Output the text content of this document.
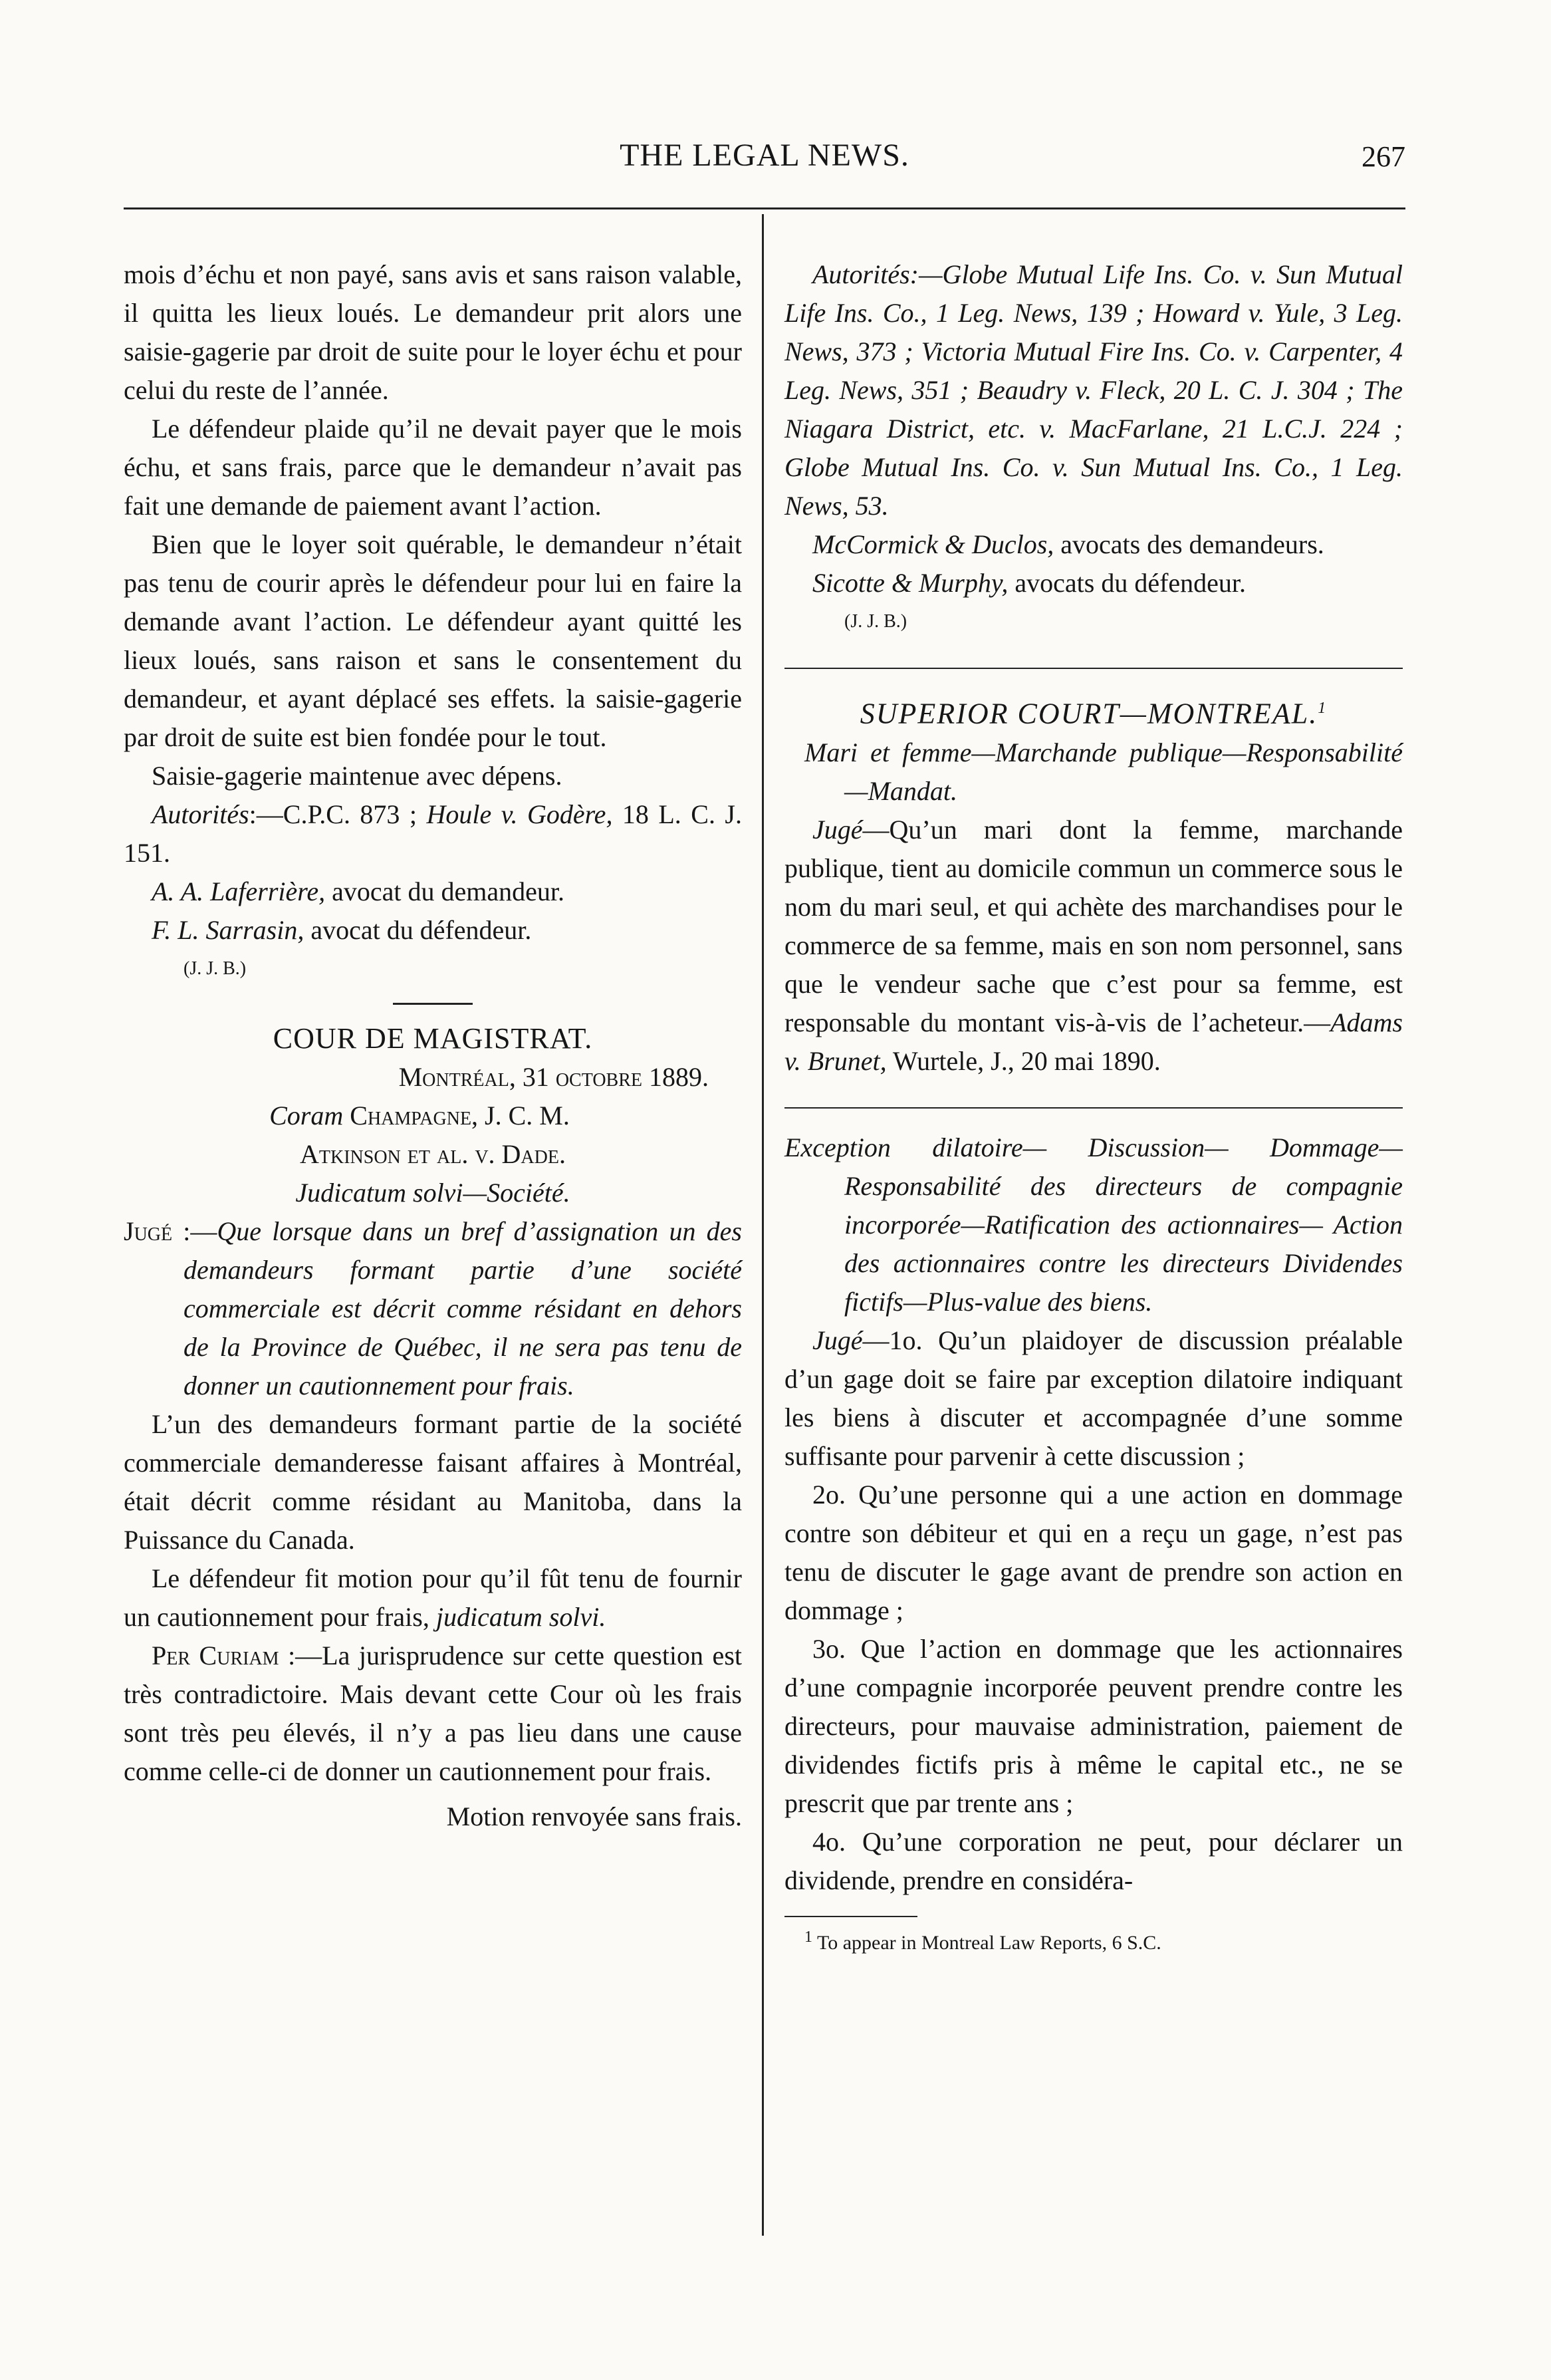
THE LEGAL NEWS.	267

mois d’échu et non payé, sans avis et sans raison valable, il quitta les lieux loués. Le demandeur prit alors une saisie-gagerie par droit de suite pour le loyer échu et pour celui du reste de l’année.

Le défendeur plaide qu’il ne devait payer que le mois échu, et sans frais, parce que le demandeur n’avait pas fait une demande de paiement avant l’action.

Bien que le loyer soit quérable, le demandeur n’était pas tenu de courir après le défendeur pour lui en faire la demande avant l’action. Le défendeur ayant quitté les lieux loués, sans raison et sans le consentement du demandeur, et ayant déplacé ses effets. la saisie-gagerie par droit de suite est bien fondée pour le tout.

Saisie-gagerie maintenue avec dépens.

Autorités:—C.P.C. 873 ; Houle v. Godère, 18 L. C. J. 151.

A. A. Laferrière, avocat du demandeur.

F. L. Sarrasin, avocat du défendeur.

(J. J. B.)

COUR DE MAGISTRAT.

Montréal, 31 octobre 1889.

Coram Champagne, J. C. M.

Atkinson et al. v. Dade.

Judicatum solvi—Société.

Jugé :—Que lorsque dans un bref d’assignation un des demandeurs formant partie d’une société commerciale est décrit comme résidant en dehors de la Province de Québec, il ne sera pas tenu de donner un cautionnement pour frais.

L’un des demandeurs formant partie de la société commerciale demanderesse faisant affaires à Montréal, était décrit comme résidant au Manitoba, dans la Puissance du Canada.

Le défendeur fit motion pour qu’il fût tenu de fournir un cautionnement pour frais, judicatum solvi.

Per Curiam :—La jurisprudence sur cette question est très contradictoire. Mais devant cette Cour où les frais sont très peu élevés, il n’y a pas lieu dans une cause comme celle-ci de donner un cautionnement pour frais.

Motion renvoyée sans frais.

Autorités:—Globe Mutual Life Ins. Co. v. Sun Mutual Life Ins. Co., 1 Leg. News, 139 ; Howard v. Yule, 3 Leg. News, 373 ; Victoria Mutual Fire Ins. Co. v. Carpenter, 4 Leg. News, 351 ; Beaudry v. Fleck, 20 L. C. J. 304 ; The Niagara District, etc. v. MacFarlane, 21 L.C.J. 224 ; Globe Mutual Ins. Co. v. Sun Mutual Ins. Co., 1 Leg. News, 53.

McCormick & Duclos, avocats des demandeurs.

Sicotte & Murphy, avocats du défendeur.

(J. J. B.)

SUPERIOR COURT—MONTREAL.$^1$

Mari et femme—Marchande publique—Responsabilité—Mandat.

Jugé—Qu’un mari dont la femme, marchande publique, tient au domicile commun un commerce sous le nom du mari seul, et qui achète des marchandises pour le commerce de sa femme, mais en son nom personnel, sans que le vendeur sache que c’est pour sa femme, est responsable du montant vis-à-vis de l’acheteur.—Adams v. Brunet, Wurtele, J., 20 mai 1890.

Exception dilatoire— Discussion— Dommage— Responsabilité des directeurs de compagnie incorporée—Ratification des actionnaires— Action des actionnaires contre les directeurs Dividendes fictifs—Plus-value des biens.

Jugé—1o. Qu’un plaidoyer de discussion préalable d’un gage doit se faire par exception dilatoire indiquant les biens à discuter et accompagnée d’une somme suffisante pour parvenir à cette discussion ;

2o. Qu’une personne qui a une action en dommage contre son débiteur et qui en a reçu un gage, n’est pas tenu de discuter le gage avant de prendre son action en dommage ;

3o. Que l’action en dommage que les actionnaires d’une compagnie incorporée peuvent prendre contre les directeurs, pour mauvaise administration, paiement de dividendes fictifs pris à même le capital etc., ne se prescrit que par trente ans ;

4o. Qu’une corporation ne peut, pour déclarer un dividende, prendre en considéra-

$^1$ To appear in Montreal Law Reports, 6 S.C.
